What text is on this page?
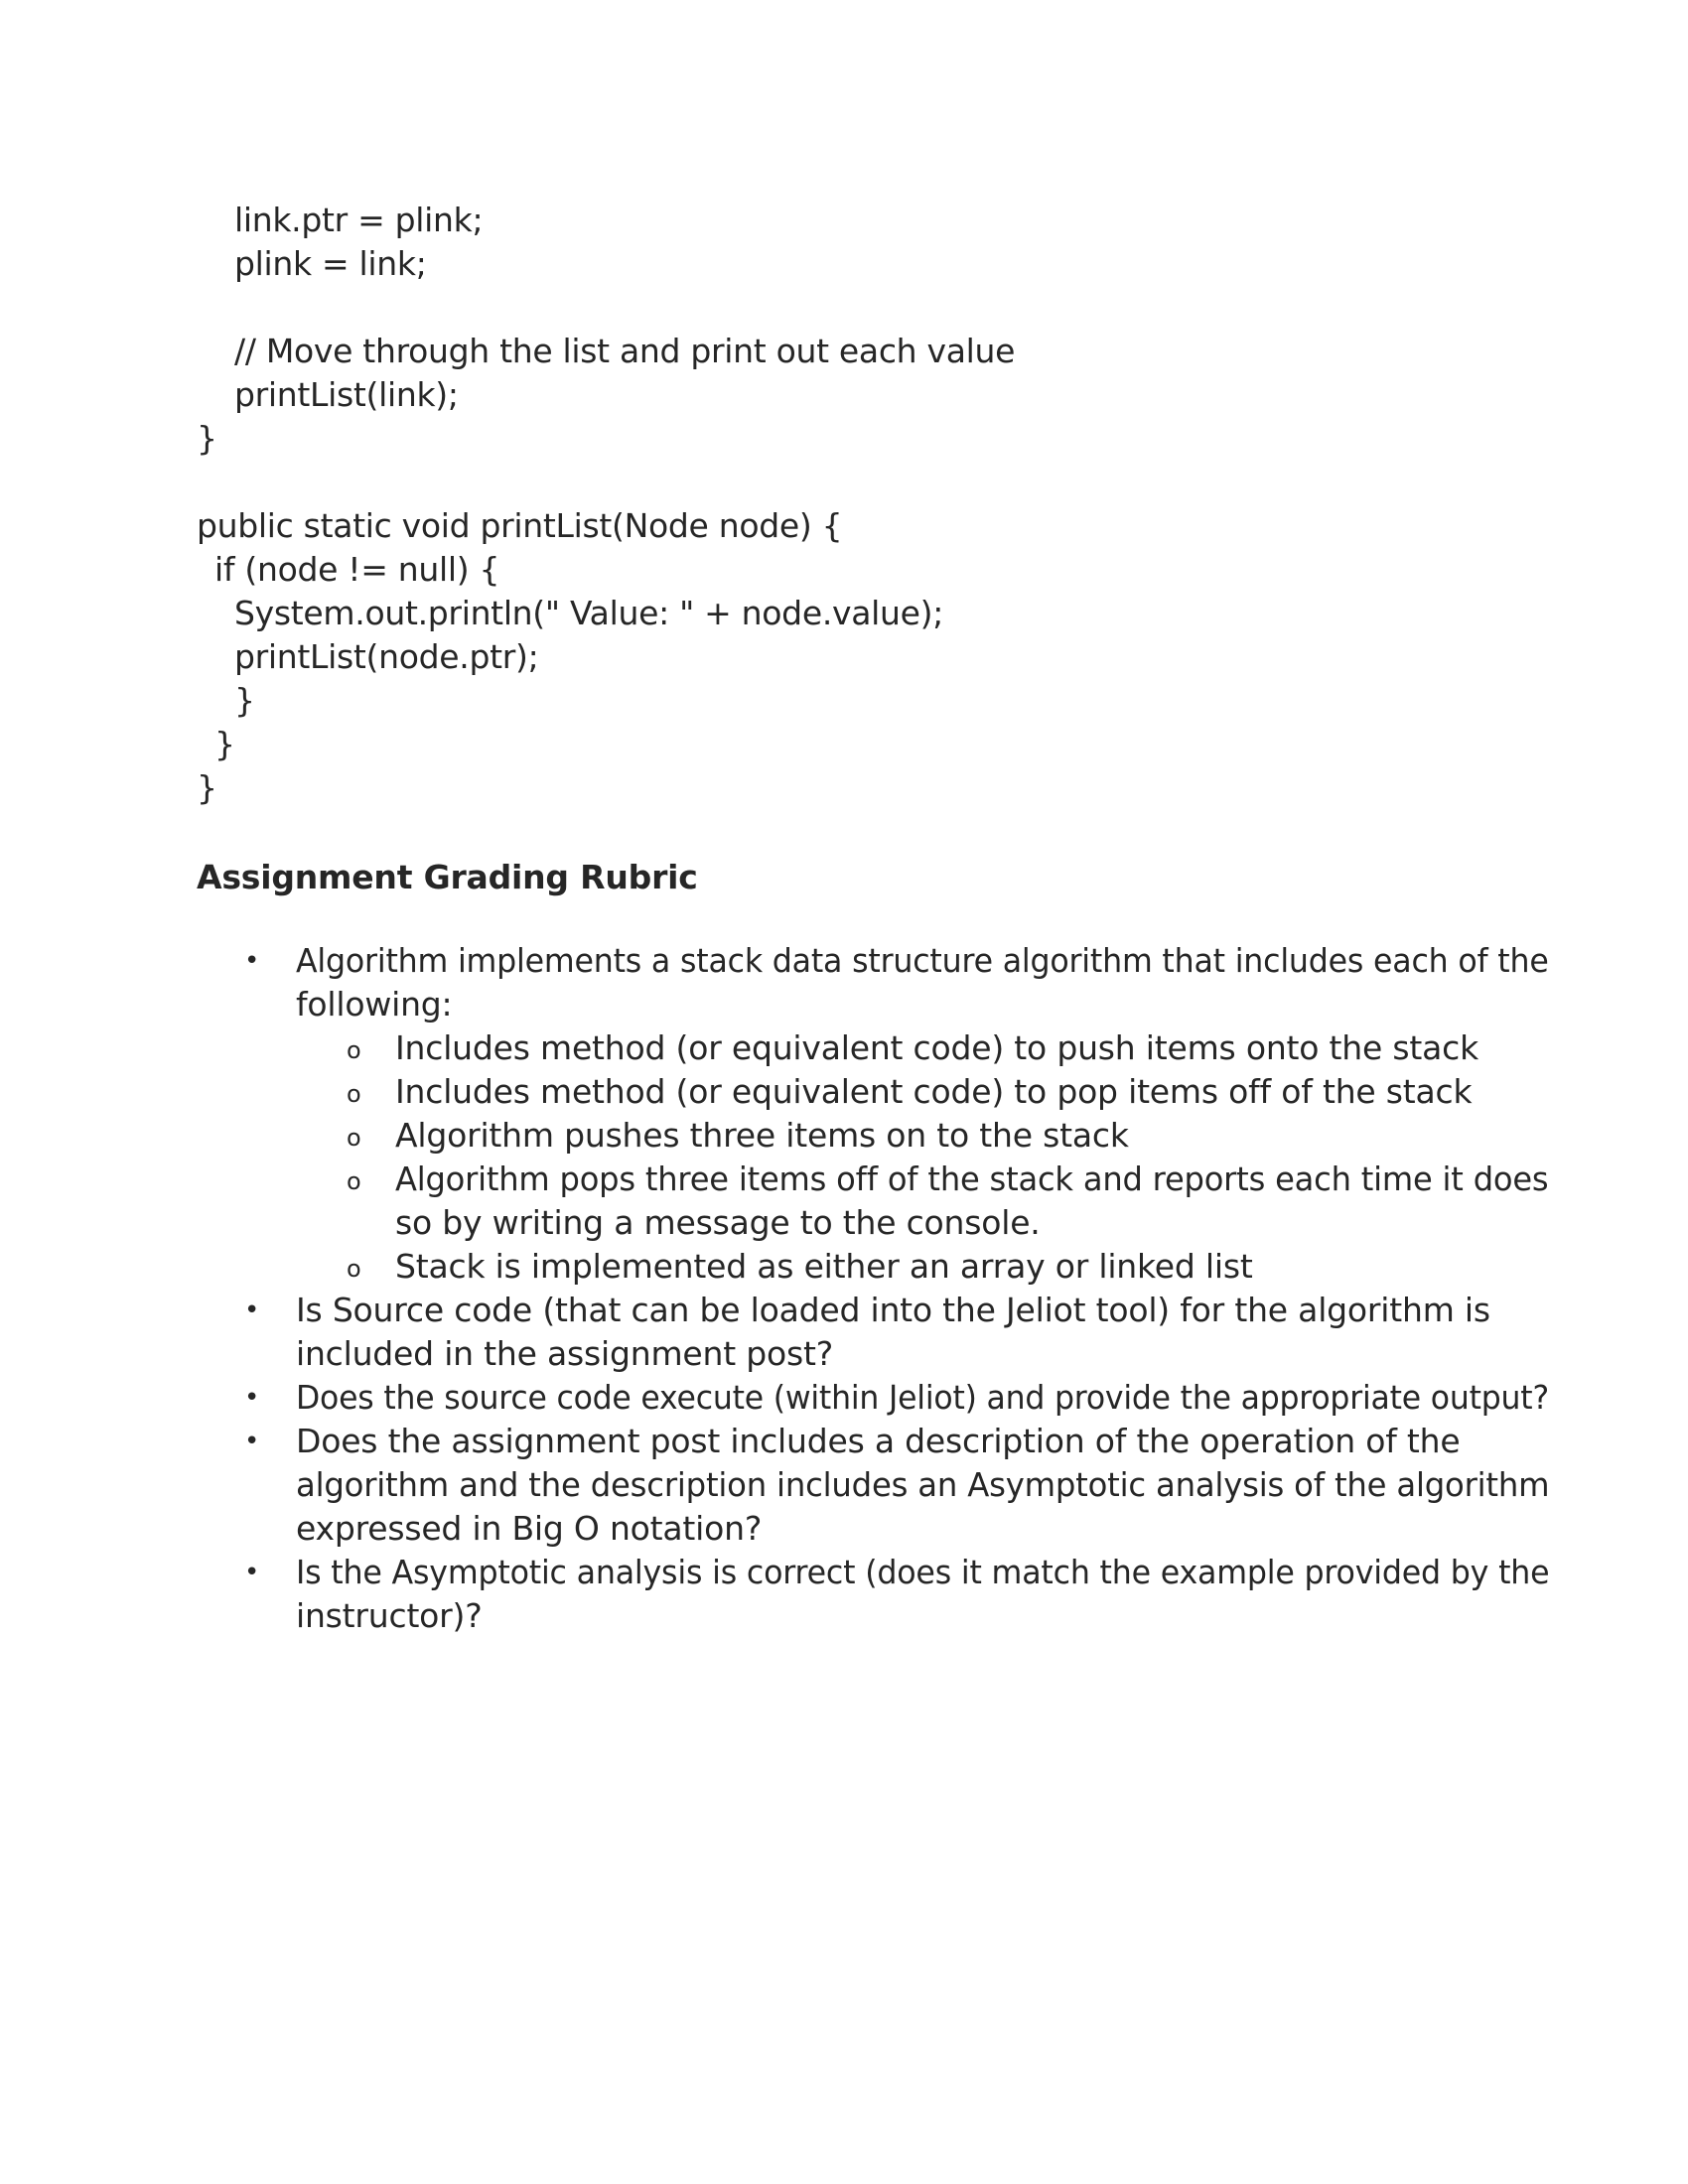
link.ptr = plink;
plink = link;
// Move through the list and print out each value
printList(link);
}
public static void printList(Node node) {
if (node != null) {
System.out.println(" Value: " + node.value);
printList(node.ptr);
}
}
}
Assignment Grading Rubric
• Algorithm implements a stack data structure algorithm that includes each of the
following:
o Includes method (or equivalent code) to push items onto the stack
o Includes method (or equivalent code) to pop items off of the stack
o Algorithm pushes three items on to the stack
o Algorithm pops three items off of the stack and reports each time it does
so by writing a message to the console.
o Stack is implemented as either an array or linked list
• Is Source code (that can be loaded into the Jeliot tool) for the algorithm is
included in the assignment post?
• Does the source code execute (within Jeliot) and provide the appropriate output?
• Does the assignment post includes a description of the operation of the
algorithm and the description includes an Asymptotic analysis of the algorithm
expressed in Big O notation?
• Is the Asymptotic analysis is correct (does it match the example provided by the
instructor)?
